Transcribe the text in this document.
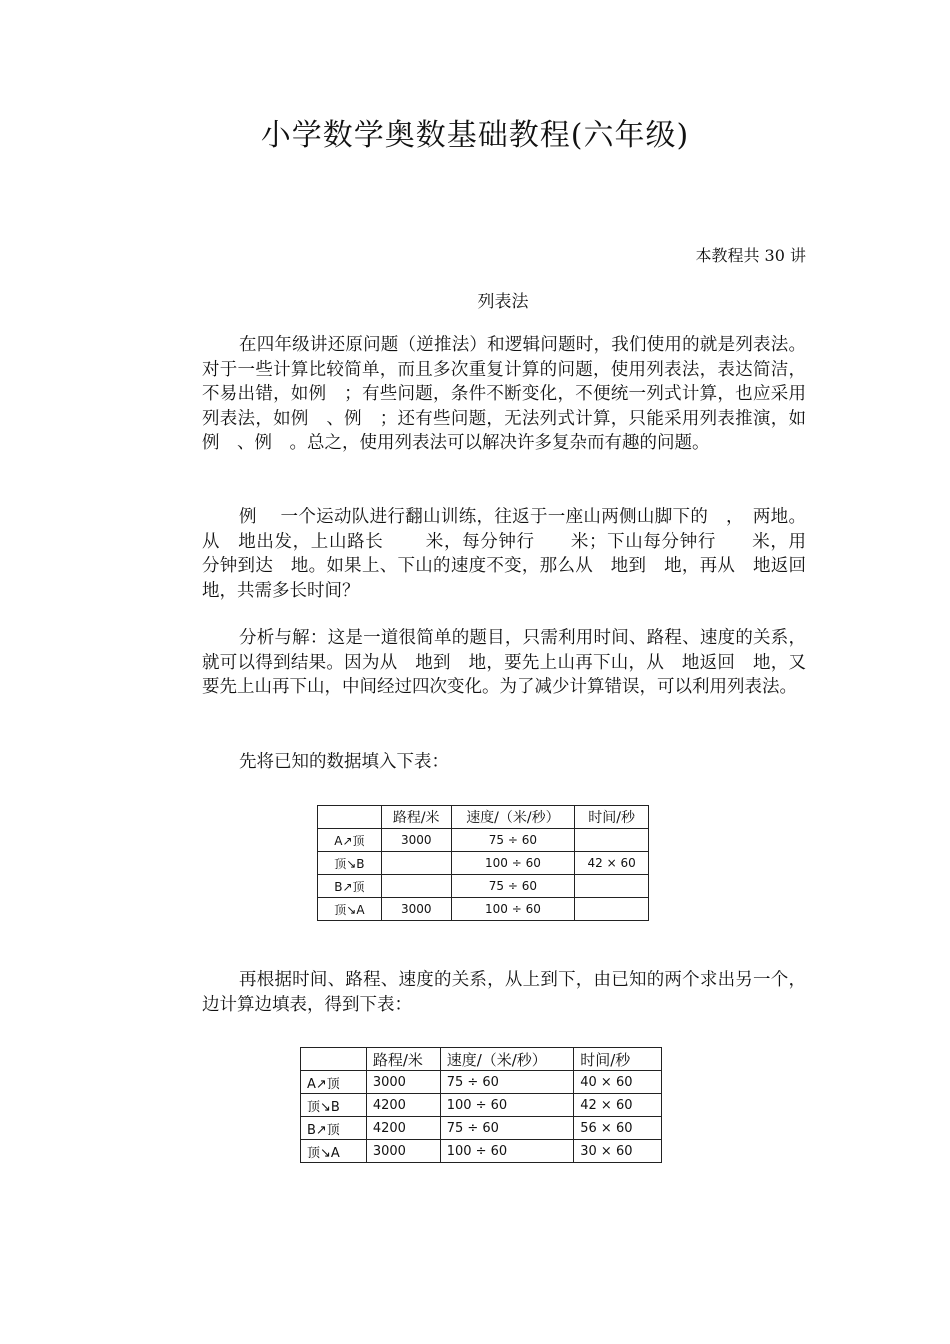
小学数学奥数基础教程(六年级)
本教程共 30 讲
列表法

在四年级讲还原问题（逆推法）和逻辑问题时，我们使用的就是列表法。对于一些计算比较简单，而且多次重复计算的问题，使用列表法，表达简洁，不易出错，如例　；有些问题，条件不断变化，不便统一列式计算，也应采用列表法，如例　、例　；还有些问题，无法列式计算，只能采用列表推演，如例　、例　。总之，使用列表法可以解决许多复杂而有趣的问题。

例　 一个运动队进行翻山训练，往返于一座山两侧山脚下的　，　两地。从　地出发，上山路长　　 米，每分钟行　　米；下山每分钟行　　米，用　　分钟到达　地。如果上、下山的速度不变，那么从　地到　地，再从　地返回　地，共需多长时间？

分析与解：这是一道很简单的题目，只需利用时间、路程、速度的关系，就可以得到结果。因为从　地到　地，要先上山再下山，从　地返回　地，又要先上山再下山，中间经过四次变化。为了减少计算错误，可以利用列表法。

先将已知的数据填入下表：

	路程/米	速度/（米/秒）	时间/秒
A↗顶	3000	75 ÷ 60	
顶↘B		100 ÷ 60	42 × 60
B↗顶		75 ÷ 60	
顶↘A	3000	100 ÷ 60	

再根据时间、路程、速度的关系，从上到下，由已知的两个求出另一个，边计算边填表，得到下表：

	路程/米	速度/（米/秒）	时间/秒
A↗顶	3000	75 ÷ 60	40 × 60
顶↘B	4200	100 ÷ 60	42 × 60
B↗顶	4200	75 ÷ 60	56 × 60
顶↘A	3000	100 ÷ 60	30 × 60
